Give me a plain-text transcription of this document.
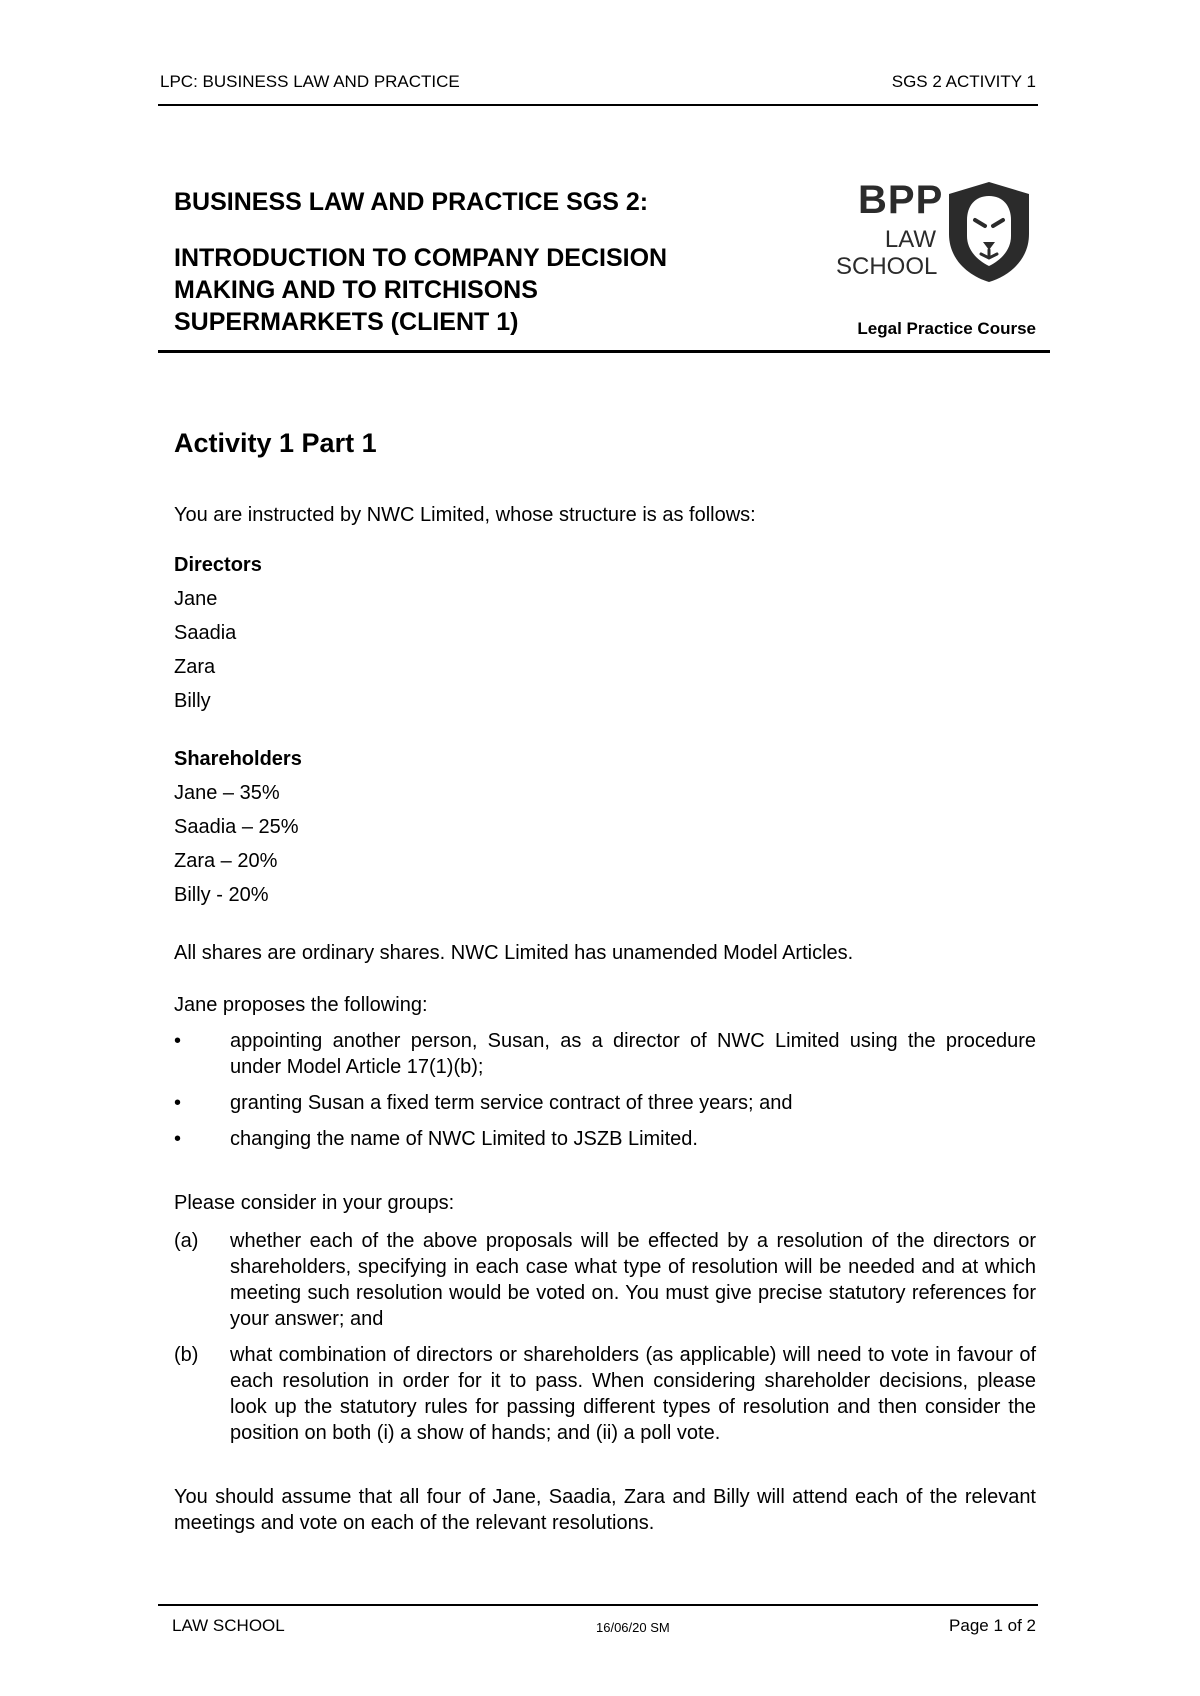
LPC: BUSINESS LAW AND PRACTICE	SGS 2 ACTIVITY 1
BUSINESS LAW AND PRACTICE SGS 2:
INTRODUCTION TO COMPANY DECISION
MAKING AND TO RITCHISONS
SUPERMARKETS (CLIENT 1)
BPP
LAW
SCHOOL
Legal Practice Course
Activity 1 Part 1
You are instructed by NWC Limited, whose structure is as follows:
Directors
Jane
Saadia
Zara
Billy
Shareholders
Jane – 35%
Saadia – 25%
Zara – 20%
Billy - 20%
All shares are ordinary shares. NWC Limited has unamended Model Articles.
Jane proposes the following:
• appointing another person, Susan, as a director of NWC Limited using the procedure under Model Article 17(1)(b);
• granting Susan a fixed term service contract of three years; and
• changing the name of NWC Limited to JSZB Limited.
Please consider in your groups:
(a) whether each of the above proposals will be effected by a resolution of the directors or shareholders, specifying in each case what type of resolution will be needed and at which meeting such resolution would be voted on. You must give precise statutory references for your answer; and
(b) what combination of directors or shareholders (as applicable) will need to vote in favour of each resolution in order for it to pass. When considering shareholder decisions, please look up the statutory rules for passing different types of resolution and then consider the position on both (i) a show of hands; and (ii) a poll vote.
You should assume that all four of Jane, Saadia, Zara and Billy will attend each of the relevant meetings and vote on each of the relevant resolutions.
LAW SCHOOL	16/06/20 SM	Page 1 of 2
